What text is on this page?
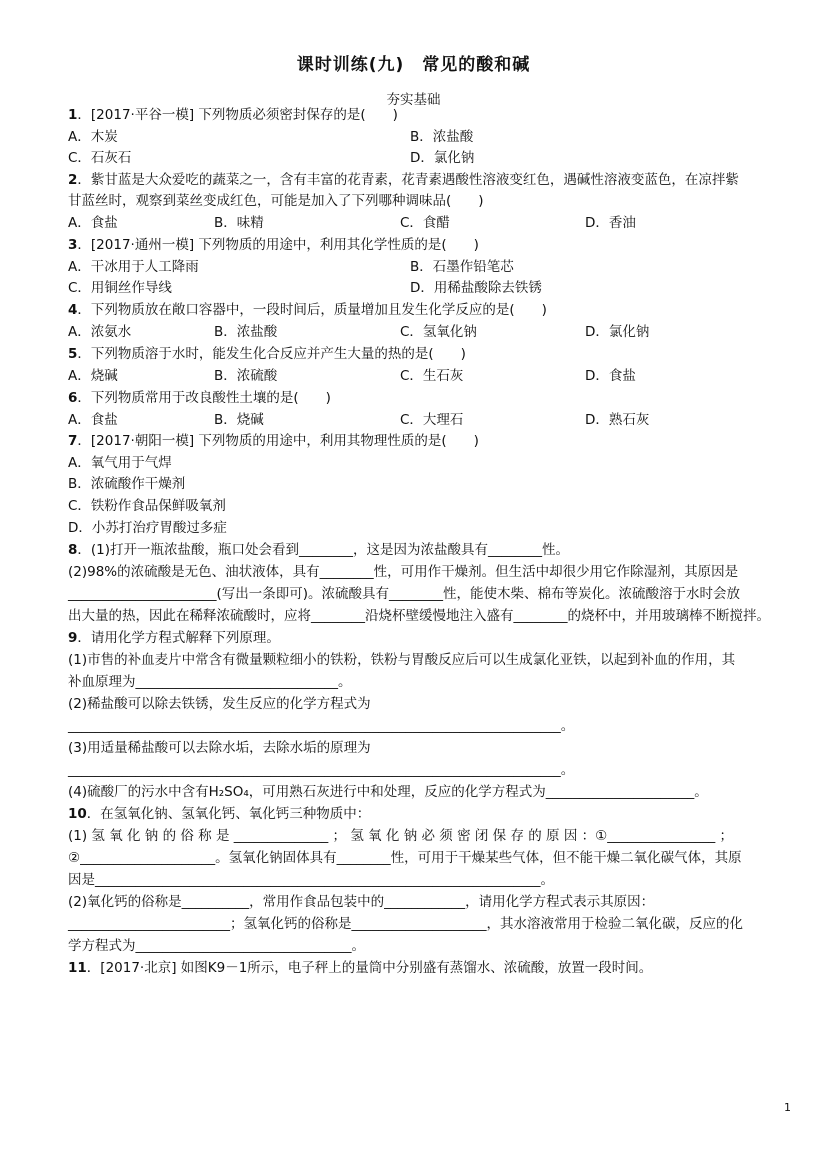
课时训练(九)　常见的酸和碱
夯实基础
1．[2017·平谷一模] 下列物质必须密封保存的是(　　)
A．木炭	B．浓盐酸
C．石灰石	D．氯化钠
2．紫甘蓝是大众爱吃的蔬菜之一，含有丰富的花青素，花青素遇酸性溶液变红色，遇碱性溶液变蓝色，在凉拌紫
甘蓝丝时，观察到菜丝变成红色，可能是加入了下列哪种调味品(　　)
A．食盐	B．味精	C．食醋	D．香油
3．[2017·通州一模] 下列物质的用途中，利用其化学性质的是(　　)
A．干冰用于人工降雨	B．石墨作铅笔芯
C．用铜丝作导线	D．用稀盐酸除去铁锈
4．下列物质放在敞口容器中，一段时间后，质量增加且发生化学反应的是(　　)
A．浓氨水	B．浓盐酸	C．氢氧化钠	D．氯化钠
5．下列物质溶于水时，能发生化合反应并产生大量的热的是(　　)
A．烧碱	B．浓硫酸	C．生石灰	D．食盐
6．下列物质常用于改良酸性土壤的是(　　)
A．食盐	B．烧碱	C．大理石	D．熟石灰
7．[2017·朝阳一模] 下列物质的用途中，利用其物理性质的是(　　)
A．氧气用于气焊
B．浓硫酸作干燥剂
C．铁粉作食品保鲜吸氧剂
D．小苏打治疗胃酸过多症
8．(1)打开一瓶浓盐酸，瓶口处会看到________，这是因为浓盐酸具有________性。
(2)98%的浓硫酸是无色、油状液体，具有________性，可用作干燥剂。但生活中却很少用它作除湿剂，其原因是
______________________(写出一条即可)。浓硫酸具有________性，能使木柴、棉布等炭化。浓硫酸溶于水时会放
出大量的热，因此在稀释浓硫酸时，应将________沿烧杯壁缓慢地注入盛有________的烧杯中，并用玻璃棒不断搅拌。
9．请用化学方程式解释下列原理。
(1)市售的补血麦片中常含有微量颗粒细小的铁粉，铁粉与胃酸反应后可以生成氯化亚铁，以起到补血的作用，其
补血原理为______________________________。
(2)稀盐酸可以除去铁锈，发生反应的化学方程式为
_________________________________________________________________________。
(3)用适量稀盐酸可以去除水垢，去除水垢的原理为
_________________________________________________________________________。
(4)硫酸厂的污水中含有H₂SO₄，可用熟石灰进行中和处理，反应的化学方程式为______________________。
10．在氢氧化钠、氢氧化钙、氧化钙三种物质中：
(1) 氢 氧 化 钠 的 俗 称 是 ______________ ； 氢 氧 化 钠 必 须 密 闭 保 存 的 原 因 ：①________________ ；
②____________________。氢氧化钠固体具有________性，可用于干燥某些气体，但不能干燥二氧化碳气体，其原
因是__________________________________________________________________。
(2)氧化钙的俗称是__________，常用作食品包装中的____________，请用化学方程式表示其原因：
________________________；氢氧化钙的俗称是____________________，其水溶液常用于检验二氧化碳，反应的化
学方程式为________________________________。
11．[2017·北京] 如图K9－1所示，电子秤上的量筒中分别盛有蒸馏水、浓硫酸，放置一段时间。
1
